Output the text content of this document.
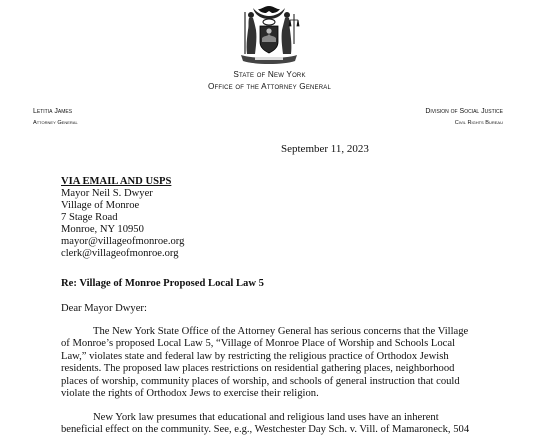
State of New York
Office of the Attorney General
Letitia James
Attorney General
Division of Social Justice
Civil Rights Bureau
September 11, 2023
VIA EMAIL AND USPS
Mayor Neil S. Dwyer
Village of Monroe
7 Stage Road
Monroe, NY 10950
mayor@villageofmonroe.org
clerk@villageofmonroe.org
Re: Village of Monroe Proposed Local Law 5
Dear Mayor Dwyer:
The New York State Office of the Attorney General has serious concerns that the Village
of Monroe’s proposed Local Law 5, “Village of Monroe Place of Worship and Schools Local
Law,” violates state and federal law by restricting the religious practice of Orthodox Jewish
residents. The proposed law places restrictions on residential gathering places, neighborhood
places of worship, community places of worship, and schools of general instruction that could
violate the rights of Orthodox Jews to exercise their religion.
New York law presumes that educational and religious land uses have an inherent
beneficial effect on the community. See, e.g., Westchester Day Sch. v. Vill. of Mamaroneck, 504
